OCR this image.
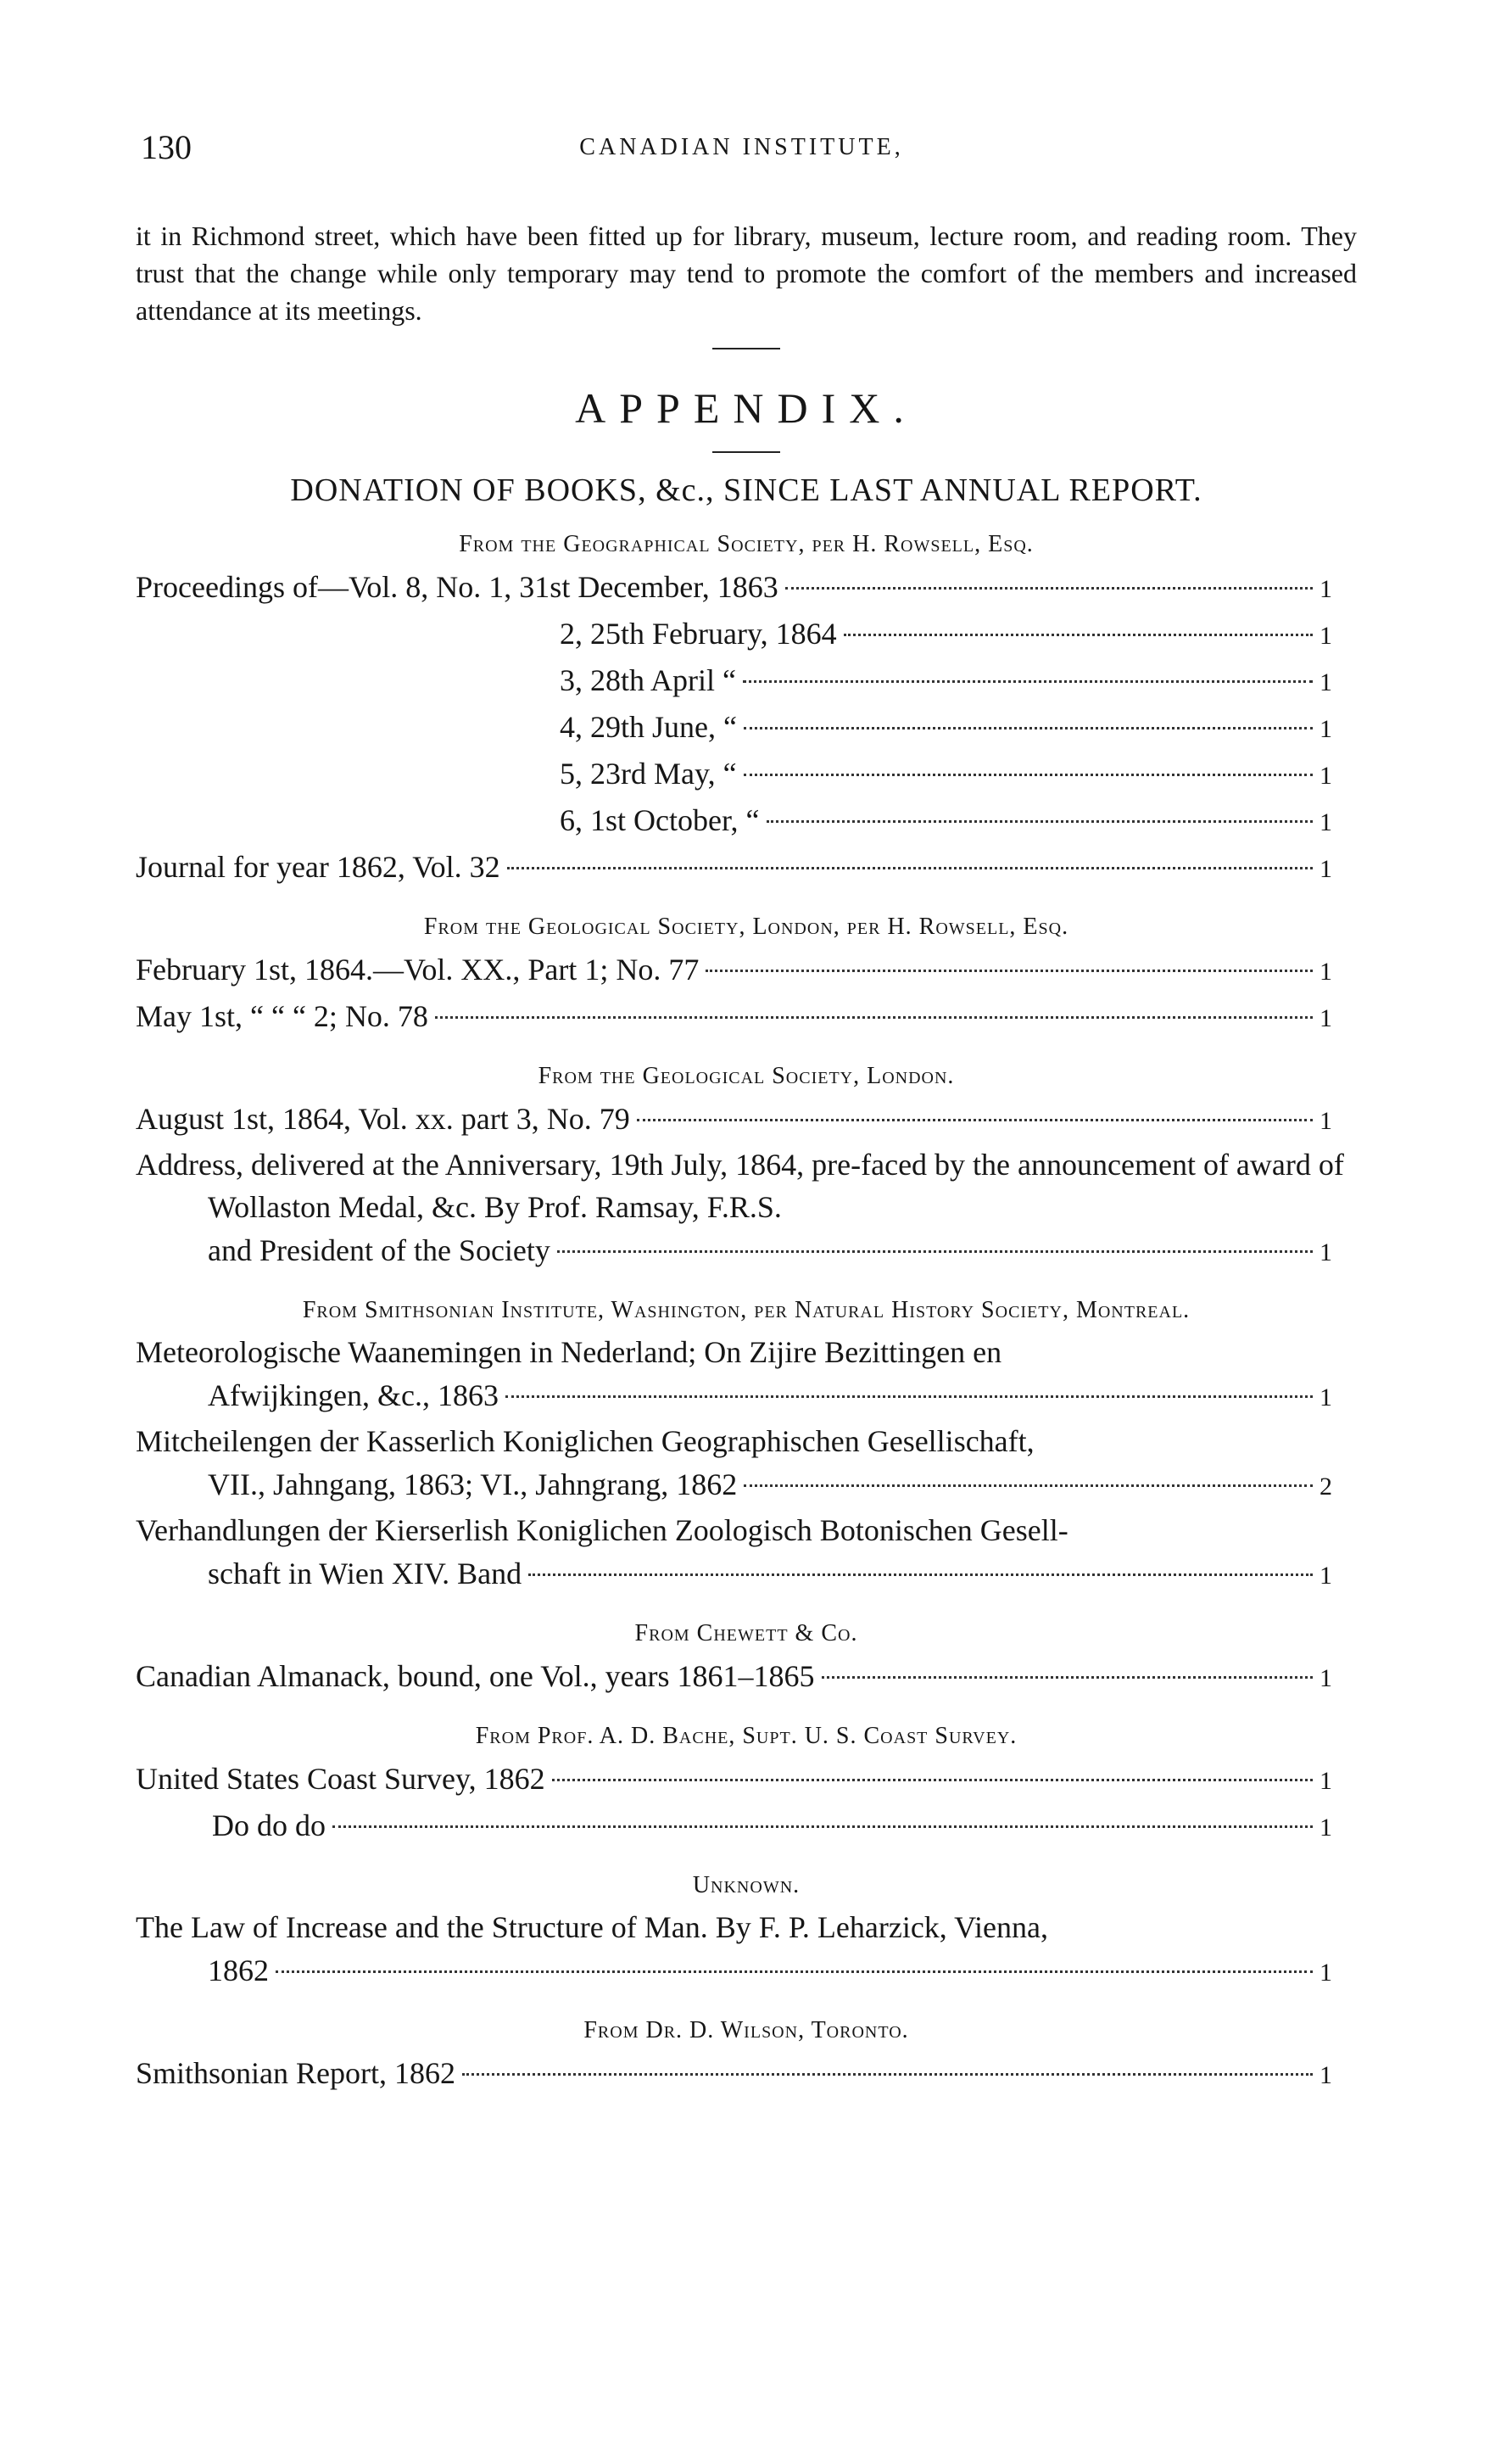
130	CANADIAN INSTITUTE,

it in Richmond street, which have been fitted up for library, museum, lecture room, and reading room. They trust that the change while only temporary may tend to promote the comfort of the members and increased attendance at its meetings.

APPENDIX.
DONATION OF BOOKS, &c., SINCE LAST ANNUAL REPORT.
From the Geographical Society, per H. Rowsell, Esq.
Proceedings of—Vol. 8, No. 1, 31st December, 1863	1
2, 25th February, 1864	1
3, 28th April “	1
4, 29th June, “	1
5, 23rd May, “	1
6, 1st October, “	1
Journal for year 1862, Vol. 32	1
From the Geological Society, London, per H. Rowsell, Esq.
February 1st, 1864.—Vol. XX., Part 1; No. 77	1
May 1st, “ “ “ 2; No. 78	1
From the Geological Society, London.
August 1st, 1864, Vol. xx. part 3, No. 79	1
Address, delivered at the Anniversary, 19th July, 1864, pre-faced by the announcement of award of Wollaston Medal, &c. By Prof. Ramsay, F.R.S.
and President of the Society	1
From Smithsonian Institute, Washington, per Natural History Society, Montreal.
Meteorologische Waanemingen in Nederland; On Zijire Bezittingen en
Afwijkingen, &c., 1863	1
Mitcheilengen der Kasserlich Koniglichen Geographischen Gesellischaft,
VII., Jahngang, 1863; VI., Jahngrang, 1862	2
Verhandlungen der Kierserlish Koniglichen Zoologisch Botonischen Gesell-
schaft in Wien XIV. Band	1
From Chewett & Co.
Canadian Almanack, bound, one Vol., years 1861–1865	1
From Prof. A. D. Bache, Supt. U. S. Coast Survey.
United States Coast Survey, 1862	1
Do do do	1
Unknown.
The Law of Increase and the Structure of Man. By F. P. Leharzick, Vienna,
1862	1
From Dr. D. Wilson, Toronto.
Smithsonian Report, 1862	1
